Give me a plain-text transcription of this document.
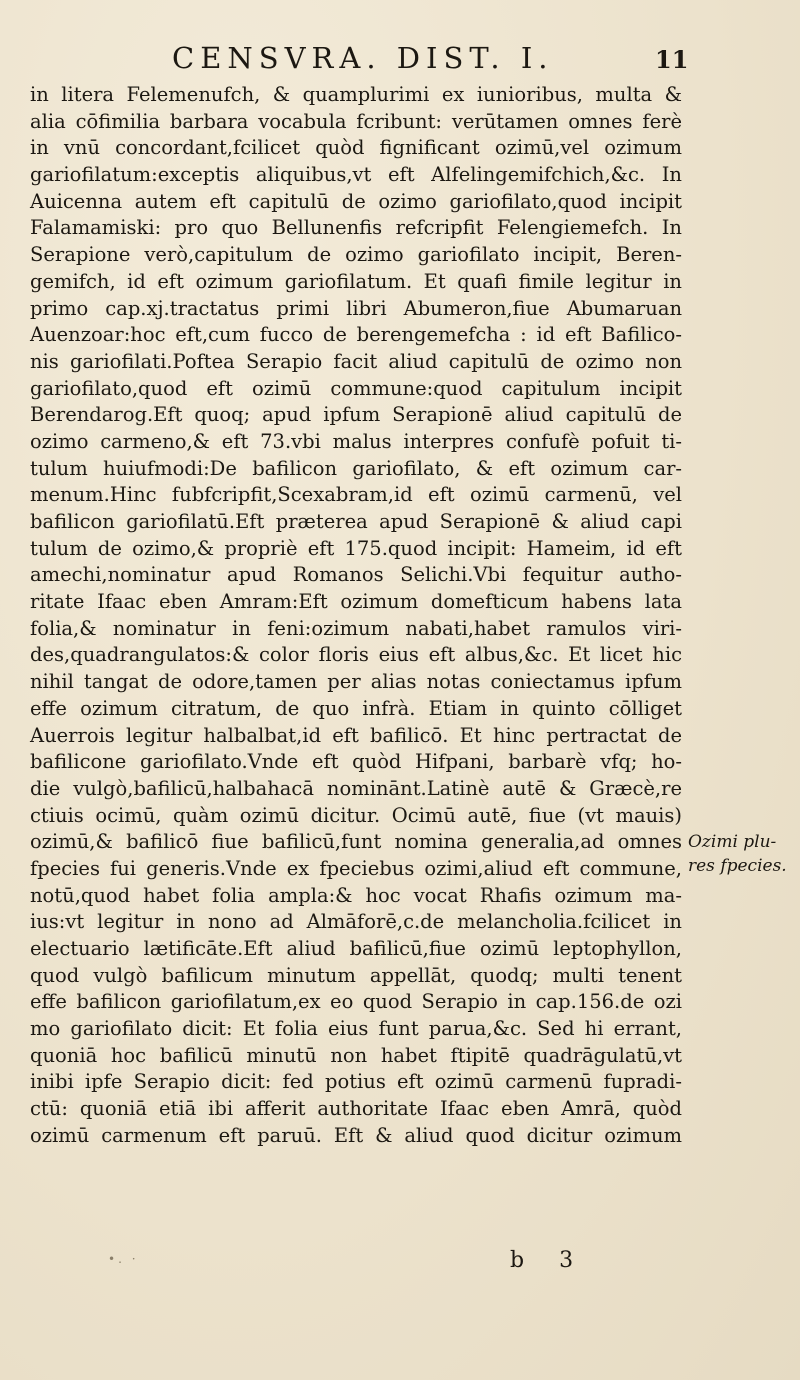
CENSVRA. DIST. I.	11
in litera Felemenufch, & quamplurimi ex iunioribus, multa &
alia cōfimilia barbara vocabula fcribunt: verūtamen omnes ferè
in vnū concordant,fcilicet quòd fignificant ozimū,vel ozimum
gariofilatum:exceptis aliquibus,vt eft Alfelingemifchich,&c. In
Auicenna autem eft capitulū de ozimo gariofilato,quod incipit
Falamamiski: pro quo Bellunenfis refcripfit Felengiemefch. In
Serapione verò,capitulum de ozimo gariofilato incipit, Beren-
gemifch, id eft ozimum gariofilatum. Et quafi fimile legitur in
primo cap.xj.tractatus primi libri Abumeron,fiue Abumaruan
Auenzoar:hoc eft,cum fucco de berengemefcha : id eft Bafilico-
nis gariofilati.Poftea Serapio facit aliud capitulū de ozimo non
gariofilato,quod eft ozimū commune:quod capitulum incipit
Berendarog.Eft quoq; apud ipfum Serapionē aliud capitulū de
ozimo carmeno,& eft 73.vbi malus interpres confufè pofuit ti-
tulum huiufmodi:De bafilicon gariofilato, & eft ozimum car-
menum.Hinc fubfcripfit,Scexabram,id eft ozimū carmenū, vel
bafilicon gariofilatū.Eft præterea apud Serapionē & aliud capi
tulum de ozimo,& propriè eft 175.quod incipit: Hameim, id eft
amechi,nominatur apud Romanos Selichi.Vbi fequitur autho-
ritate Ifaac eben Amram:Eft ozimum domefticum habens lata
folia,& nominatur in feni:ozimum nabati,habet ramulos viri-
des,quadrangulatos:& color floris eius eft albus,&c. Et licet hic
nihil tangat de odore,tamen per alias notas coniectamus ipfum
effe ozimum citratum, de quo infrà. Etiam in quinto cōlliget
Auerrois legitur halbalbat,id eft bafilicō. Et hinc pertractat de
bafilicone gariofilato.Vnde eft quòd Hifpani, barbarè vfq; ho-
die vulgò,bafilicū,halbahacā nominānt.Latinè autē & Græcè,re
ctiuis ocimū, quàm ozimū dicitur. Ocimū autē, fiue (vt mauis)
ozimū,& bafilicō fiue bafilicū,funt nomina generalia,ad omnes
fpecies fui generis.Vnde ex fpeciebus ozimi,aliud eft commune,
notū,quod habet folia ampla:& hoc vocat Rhafis ozimum ma-
ius:vt legitur in nono ad Almāforē,c.de melancholia.fcilicet in
electuario lætificāte.Eft aliud bafilicū,fiue ozimū leptophyllon,
quod vulgò bafilicum minutum appellāt, quodq; multi tenent
effe bafilicon gariofilatum,ex eo quod Serapio in cap.156.de ozi
mo gariofilato dicit: Et folia eius funt parua,&c. Sed hi errant,
quoniā hoc bafilicū minutū non habet ftipitē quadrāgulatū,vt
inibi ipfe Serapio dicit: fed potius eft ozimū carmenū fupradi-
ctū: quoniā etiā ibi afferit authoritate Ifaac eben Amrā, quòd
ozimū carmenum eft paruū. Eft & aliud quod dicitur ozimum
Ozimi plu-
res fpecies.
•. ·	b 3
